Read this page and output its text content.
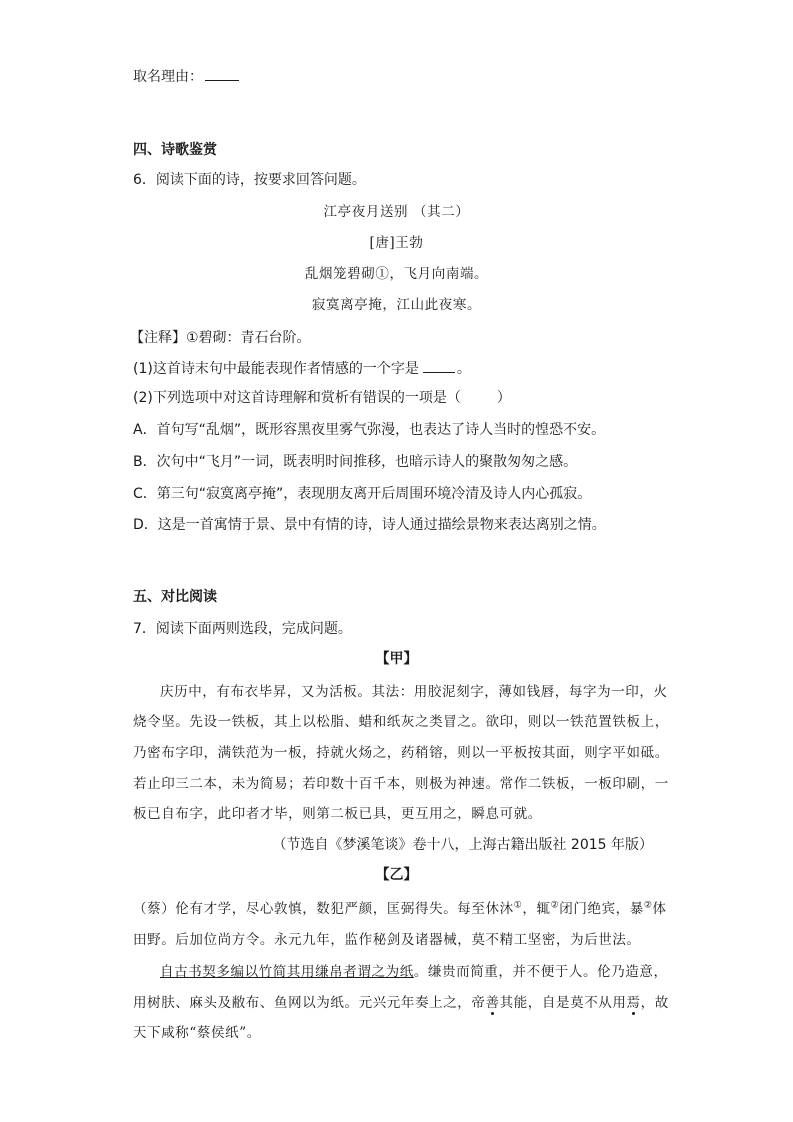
取名理由：
四、诗歌鉴赏
6．阅读下面的诗，按要求回答问题。
江亭夜月送别 （其二）
[唐]王勃
乱烟笼碧砌①，飞月向南端。
寂寞离亭掩，江山此夜寒。
【注释】①碧砌：青石台阶。
(1)这首诗末句中最能表现作者情感的一个字是	。
(2)下列选项中对这首诗理解和赏析有错误的一项是（	）
A．首句写“乱烟”，既形容黑夜里雾气弥漫，也表达了诗人当时的惶恐不安。
B．次句中“飞月”一词，既表明时间推移，也暗示诗人的聚散匆匆之感。
C．第三句“寂寞离亭掩”，表现朋友离开后周围环境冷清及诗人内心孤寂。
D．这是一首寓情于景、景中有情的诗，诗人通过描绘景物来表达离别之情。
五、对比阅读
7．阅读下面两则选段，完成问题。
【甲】
庆历中，有布衣毕昇，又为活板。其法：用胶泥刻字，薄如钱唇，每字为一印，火
烧令坚。先设一铁板，其上以松脂、蜡和纸灰之类冒之。欲印，则以一铁范置铁板上，
乃密布字印，满铁范为一板，持就火炀之，药稍镕，则以一平板按其面，则字平如砥。
若止印三二本，未为简易；若印数十百千本，则极为神速。常作二铁板，一板印刷，一
板已自布字，此印者才毕，则第二板已具，更互用之，瞬息可就。
（节选自《梦溪笔谈》卷十八，上海古籍出版社 2015 年版）
【乙】
（蔡）伦有才学，尽心敦慎，数犯严颜，匡弼得失。每至休沐①，辄②闭门绝宾，暴②体
田野。后加位尚方令。永元九年，监作秘剑及诸器械，莫不精工坚密，为后世法。
自古书契多编以竹简其用缣帛者谓之为纸。缣贵而简重，并不便于人。伦乃造意，
用树肤、麻头及敝布、鱼网以为纸。元兴元年奏上之，帝善其能，自是莫不从用焉，故
天下咸称“蔡侯纸”。
